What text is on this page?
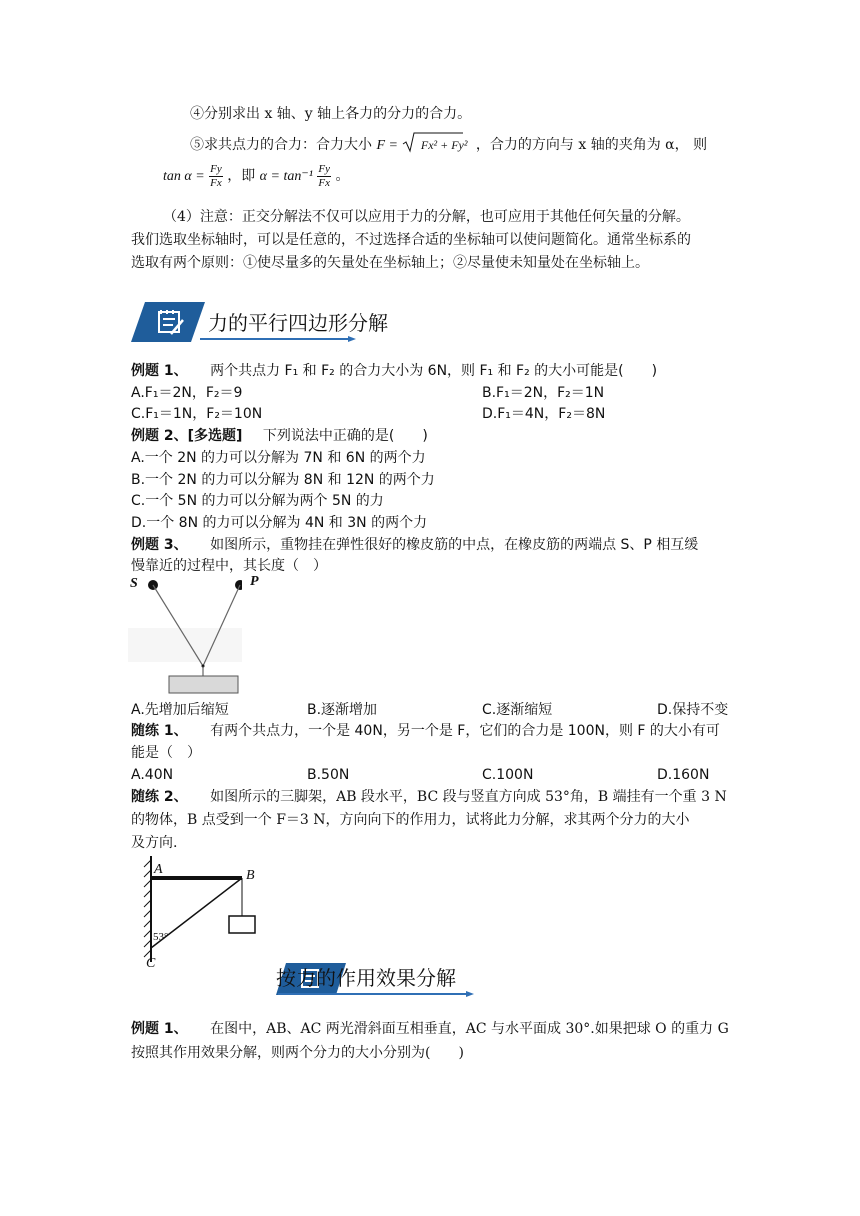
④分别求出 x 轴、y 轴上各力的分力的合力。
⑤求共点力的合力：合力大小 F = Fx² + Fy² ，合力的方向与 x 轴的夹角为 α， 则
$\tan \alpha = \frac{Fy}{Fx}$ ，即 $\alpha = \tan^{-1} \frac{Fy}{Fx}$ 。
（4）注意：正交分解法不仅可以应用于力的分解，也可应用于其他任何矢量的分解。
我们选取坐标轴时，可以是任意的，不过选择合适的坐标轴可以使问题简化。通常坐标系的
选取有两个原则：①使尽量多的矢量处在坐标轴上；②尽量使未知量处在坐标轴上。
力的平行四边形分解
例题 1、 两个共点力 F₁ 和 F₂ 的合力大小为 6N，则 F₁ 和 F₂ 的大小可能是(　　)
A.F₁＝2N，F₂＝9	B.F₁＝2N，F₂＝1N
C.F₁＝1N，F₂＝10N	D.F₁＝4N，F₂＝8N
例题 2、[多选题] 下列说法中正确的是(　　)
A.一个 2N 的力可以分解为 7N 和 6N 的两个力
B.一个 2N 的力可以分解为 8N 和 12N 的两个力
C.一个 5N 的力可以分解为两个 5N 的力
D.一个 8N 的力可以分解为 4N 和 3N 的两个力
例题 3、 如图所示，重物挂在弹性很好的橡皮筋的中点，在橡皮筋的两端点 S、P 相互缓
慢靠近的过程中，其长度（　）
S	P
A.先增加后缩短	B.逐渐增加	C.逐渐缩短	D.保持不变
随练 1、 有两个共点力，一个是 40N，另一个是 F，它们的合力是 100N，则 F 的大小有可
能是（　）
A.40N	B.50N	C.100N	D.160N
随练 2、 如图所示的三脚架，AB 段水平，BC 段与竖直方向成 53°角，B 端挂有一个重 3 N
的物体，B 点受到一个 F＝3 N，方向向下的作用力，试将此力分解，求其两个分力的大小
及方向.
A	B
C
53°
按力的作用效果分解
例题 1、 在图中，AB、AC 两光滑斜面互相垂直，AC 与水平面成 30°.如果把球 O 的重力 G
按照其作用效果分解，则两个分力的大小分别为(　　)
